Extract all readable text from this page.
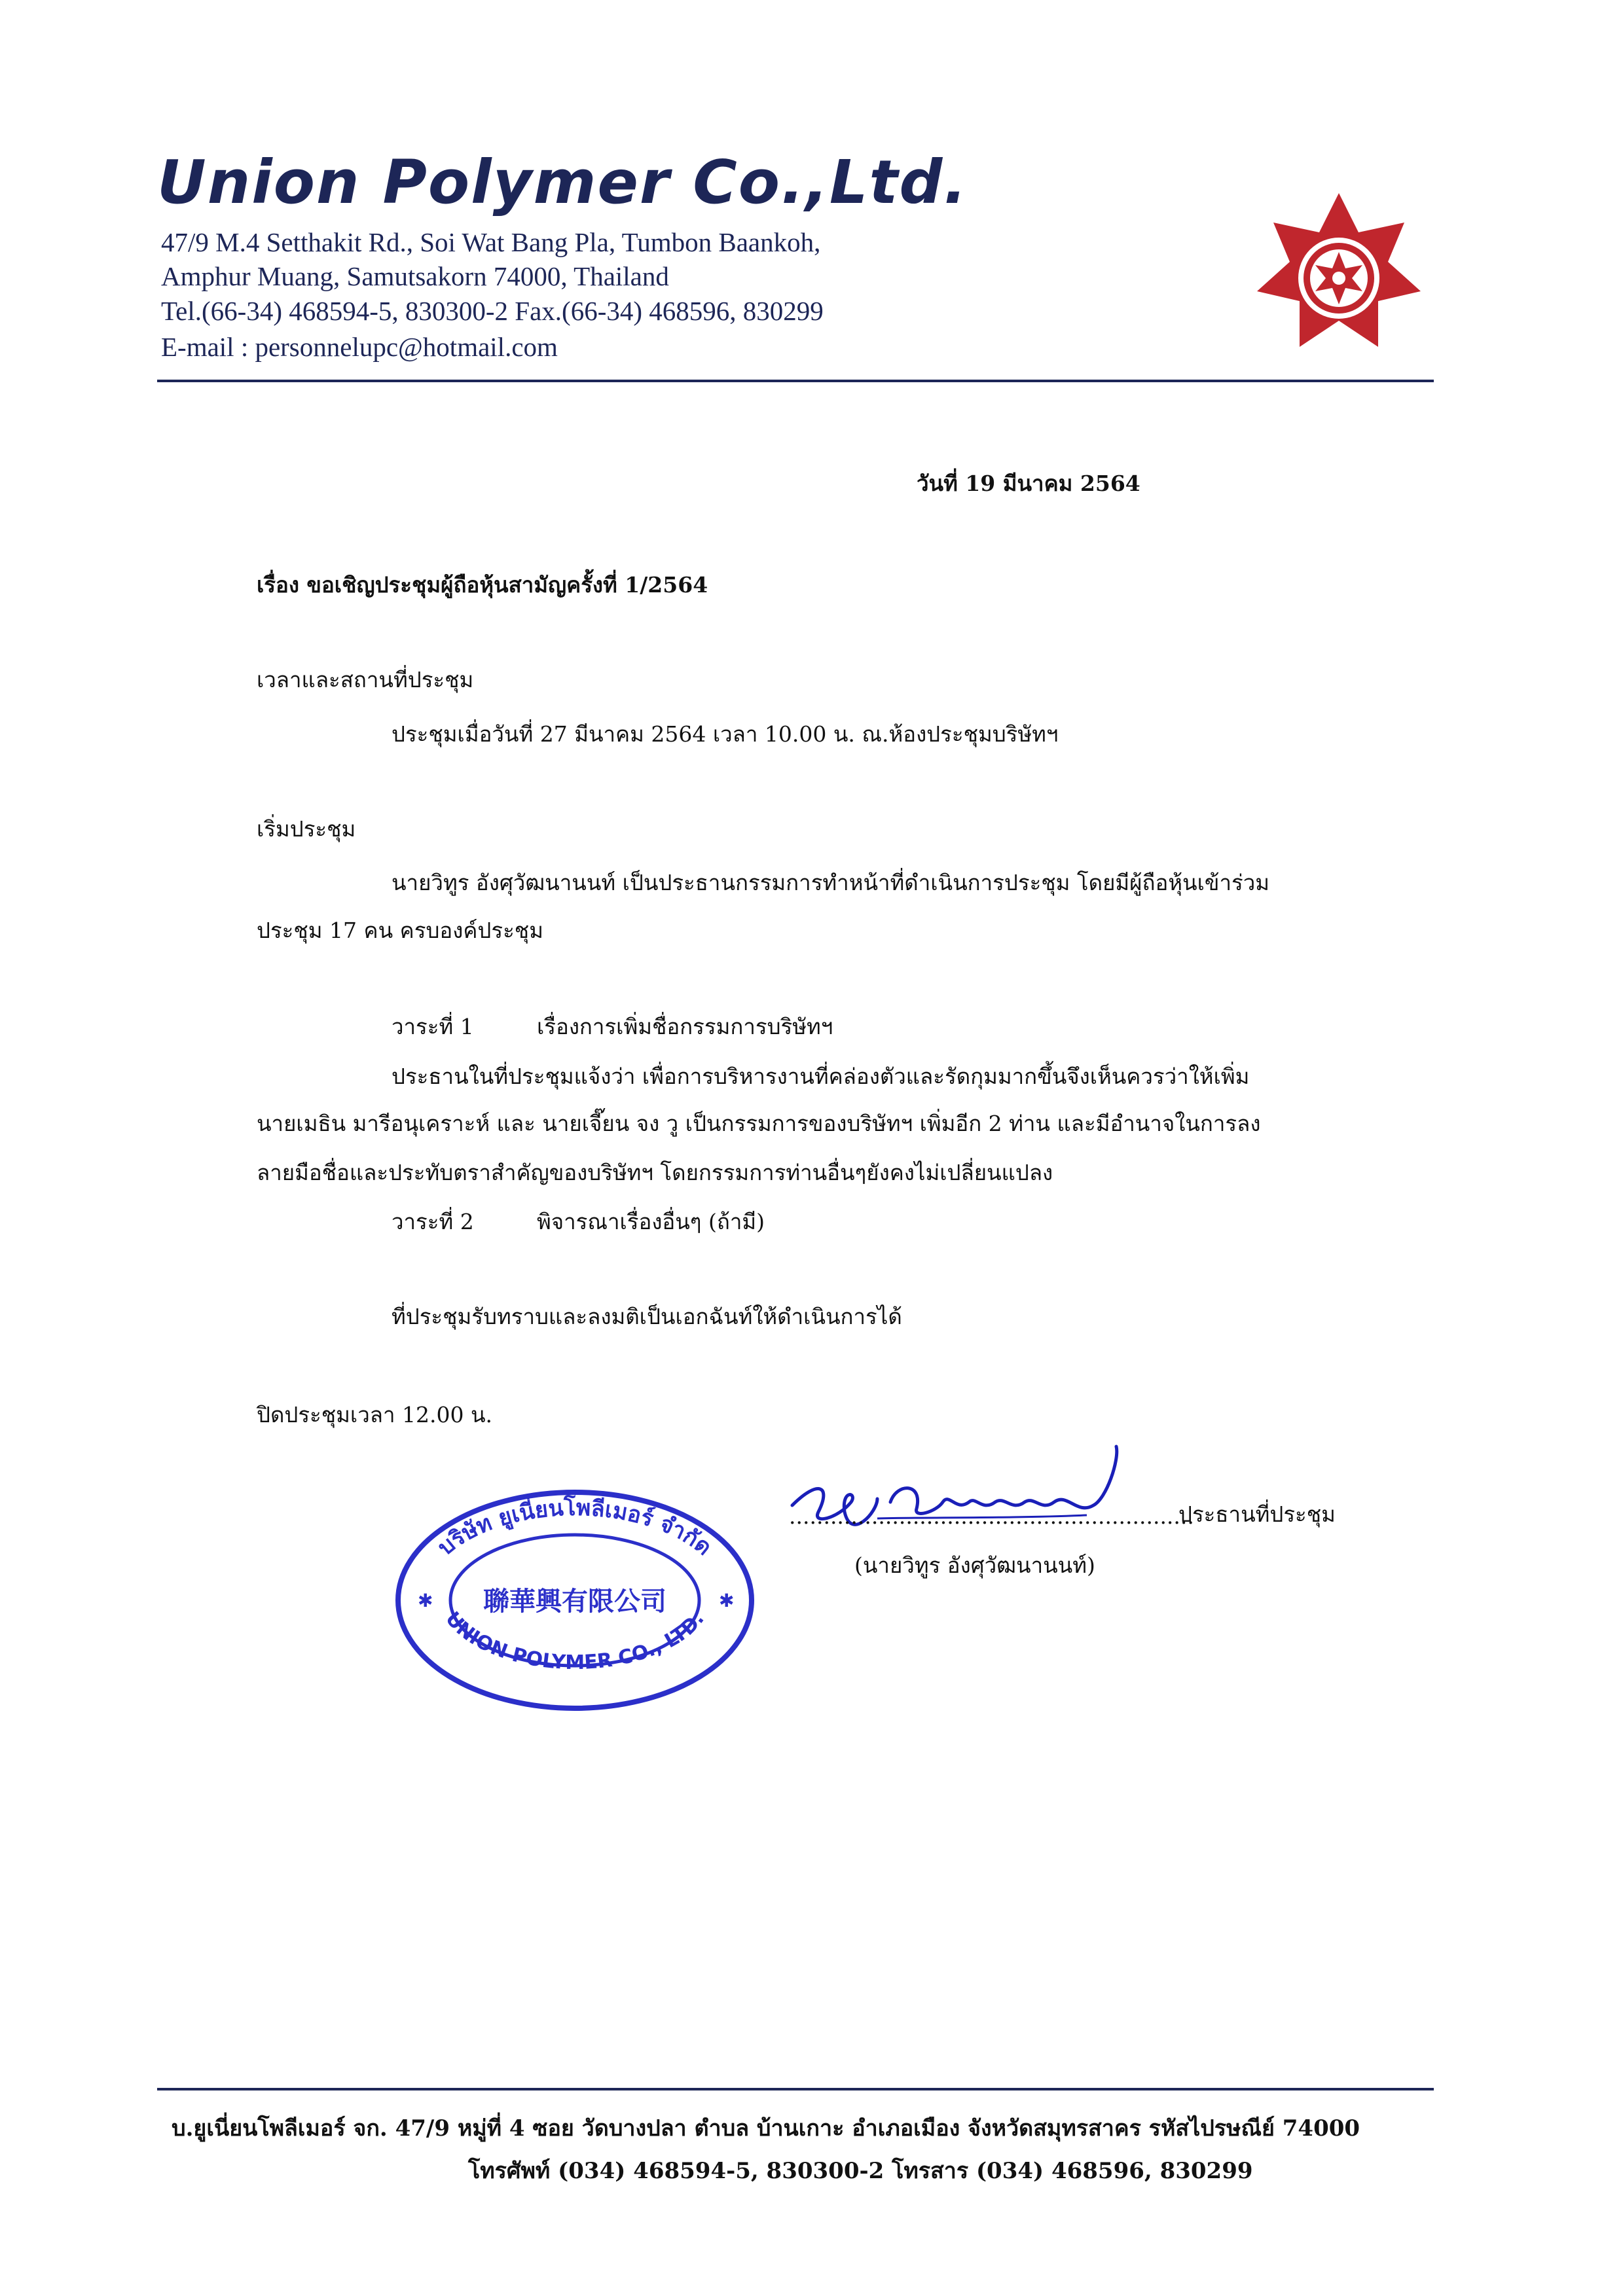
Union Polymer Co.,Ltd.
47/9 M.4 Setthakit Rd., Soi Wat Bang Pla, Tumbon Baankoh,
Amphur Muang, Samutsakorn 74000, Thailand
Tel.(66-34) 468594-5, 830300-2 Fax.(66-34) 468596, 830299
E-mail : personnelupc@hotmail.com
วันที่ 19 มีนาคม 2564
เรื่อง ขอเชิญประชุมผู้ถือหุ้นสามัญครั้งที่ 1/2564
เวลาและสถานที่ประชุม
ประชุมเมื่อวันที่ 27 มีนาคม 2564 เวลา 10.00 น. ณ.ห้องประชุมบริษัทฯ
เริ่มประชุม
นายวิทูร อังศุวัฒนานนท์ เป็นประธานกรรมการทำหน้าที่ดำเนินการประชุม โดยมีผู้ถือหุ้นเข้าร่วม
ประชุม 17 คน ครบองค์ประชุม
วาระที่ 1	เรื่องการเพิ่มชื่อกรรมการบริษัทฯ
ประธานในที่ประชุมแจ้งว่า เพื่อการบริหารงานที่คล่องตัวและรัดกุมมากขึ้นจึงเห็นควรว่าให้เพิ่ม
นายเมธิน มารีอนุเคราะห์ และ นายเจี๊ยน จง วู เป็นกรรมการของบริษัทฯ เพิ่มอีก 2 ท่าน และมีอำนาจในการลง
ลายมือชื่อและประทับตราสำคัญของบริษัทฯ โดยกรรมการท่านอื่นๆยังคงไม่เปลี่ยนแปลง
วาระที่ 2	พิจารณาเรื่องอื่นๆ (ถ้ามี)
ที่ประชุมรับทราบและลงมติเป็นเอกฉันท์ให้ดำเนินการได้
ปิดประชุมเวลา 12.00 น.
...........................................................
ประธานที่ประชุม
(นายวิทูร อังศุวัฒนานนท์)
บริษัท ยูเนี่ยนโพลีเมอร์ จำกัด
UNION POLYMER CO., LTD.
聯華興有限公司
✱	✱
บ.ยูเนี่ยนโพลีเมอร์ จก. 47/9 หมู่ที่ 4 ซอย วัดบางปลา ตำบล บ้านเกาะ อำเภอเมือง จังหวัดสมุทรสาคร รหัสไปรษณีย์ 74000
โทรศัพท์ (034) 468594-5, 830300-2 โทรสาร (034) 468596, 830299
